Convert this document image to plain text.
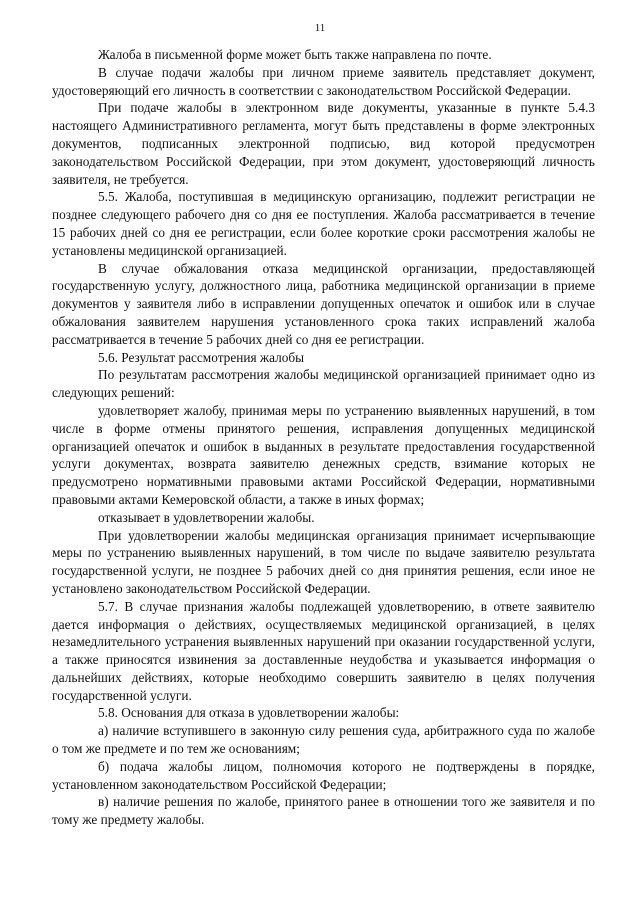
11

Жалоба в письменной форме может быть также направлена по почте.

В случае подачи жалобы при личном приеме заявитель представляет документ, удостоверяющий его личность в соответствии с законодательством Российской Федерации.

При подаче жалобы в электронном виде документы, указанные в пункте 5.4.3 настоящего Административного регламента, могут быть представлены в форме электронных документов, подписанных электронной подписью, вид которой предусмотрен законодательством Российской Федерации, при этом документ, удостоверяющий личность заявителя, не требуется.

5.5. Жалоба, поступившая в медицинскую организацию, подлежит регистрации не позднее следующего рабочего дня со дня ее поступления. Жалоба рассматривается в течение 15 рабочих дней со дня ее регистрации, если более короткие сроки рассмотрения жалобы не установлены медицинской организацией.

В случае обжалования отказа медицинской организации, предоставляющей государственную услугу, должностного лица, работника медицинской организации в приеме документов у заявителя либо в исправлении допущенных опечаток и ошибок или в случае обжалования заявителем нарушения установленного срока таких исправлений жалоба рассматривается в течение 5 рабочих дней со дня ее регистрации.

5.6. Результат рассмотрения жалобы

По результатам рассмотрения жалобы медицинской организацией принимает одно из следующих решений:

удовлетворяет жалобу, принимая меры по устранению выявленных нарушений, в том числе в форме отмены принятого решения, исправления допущенных медицинской организацией опечаток и ошибок в выданных в результате предоставления государственной услуги документах, возврата заявителю денежных средств, взимание которых не предусмотрено нормативными правовыми актами Российской Федерации, нормативными правовыми актами Кемеровской области, а также в иных формах;

отказывает в удовлетворении жалобы.

При удовлетворении жалобы медицинская организация принимает исчерпывающие меры по устранению выявленных нарушений, в том числе по выдаче заявителю результата государственной услуги, не позднее 5 рабочих дней со дня принятия решения, если иное не установлено законодательством Российской Федерации.

5.7. В случае признания жалобы подлежащей удовлетворению, в ответе заявителю дается информация о действиях, осуществляемых медицинской организацией, в целях незамедлительного устранения выявленных нарушений при оказании государственной услуги, а также приносятся извинения за доставленные неудобства и указывается информация о дальнейших действиях, которые необходимо совершить заявителю в целях получения государственной услуги.

5.8. Основания для отказа в удовлетворении жалобы:

а) наличие вступившего в законную силу решения суда, арбитражного суда по жалобе о том же предмете и по тем же основаниям;

б) подача жалобы лицом, полномочия которого не подтверждены в порядке, установленном законодательством Российской Федерации;

в) наличие решения по жалобе, принятого ранее в отношении того же заявителя и по тому же предмету жалобы.
